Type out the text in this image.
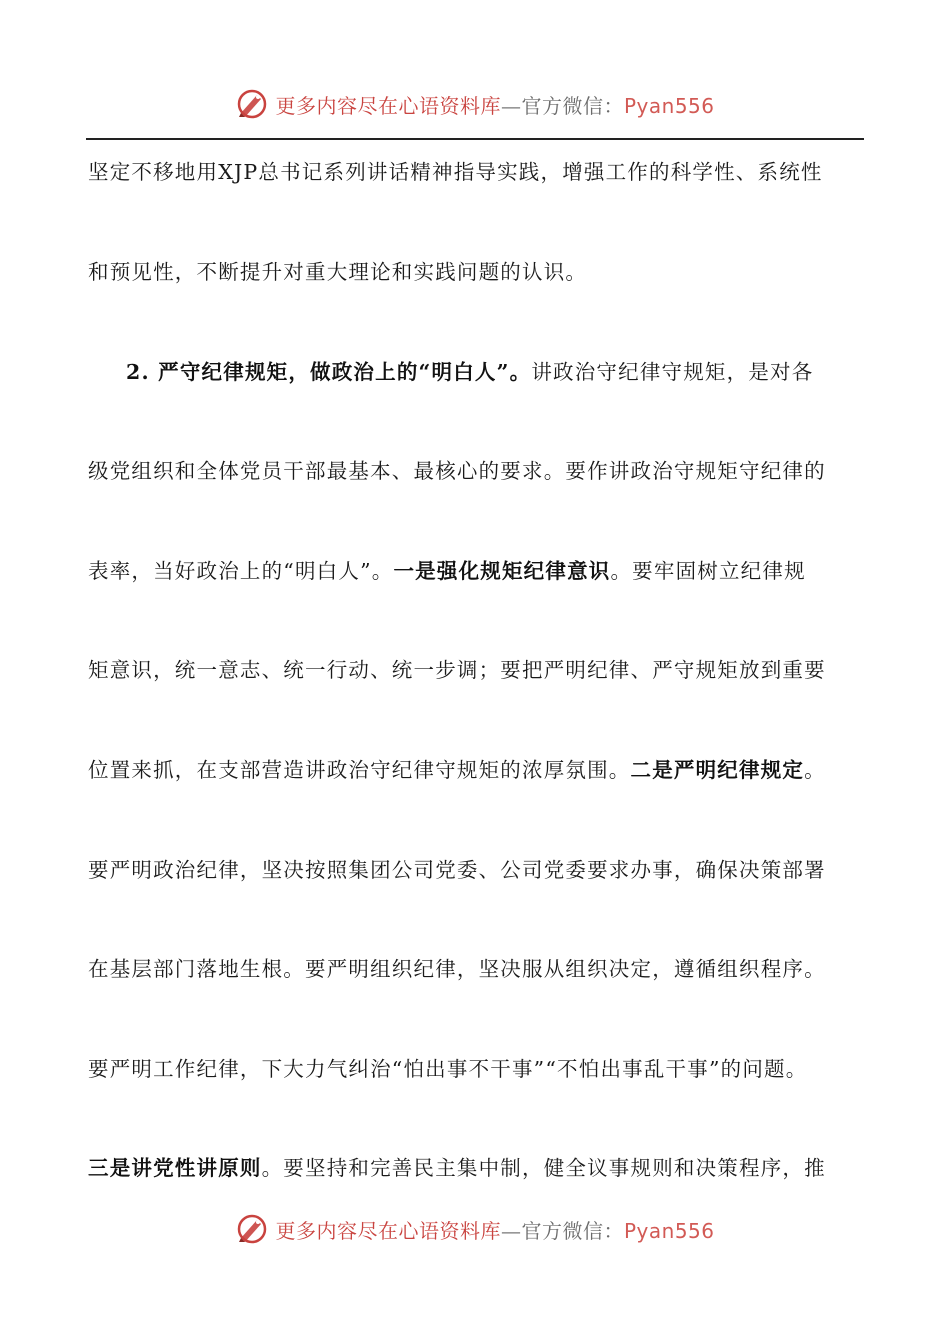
更多内容尽在心语资料库—官方微信：Pyan556
坚定不移地用XJP总书记系列讲话精神指导实践，增强工作的科学性、系统性
和预见性，不断提升对重大理论和实践问题的认识。
2. 严守纪律规矩，做政治上的“明白人”。讲政治守纪律守规矩，是对各
级党组织和全体党员干部最基本、最核心的要求。要作讲政治守规矩守纪律的
表率，当好政治上的“明白人”。一是强化规矩纪律意识。要牢固树立纪律规
矩意识，统一意志、统一行动、统一步调；要把严明纪律、严守规矩放到重要
位置来抓，在支部营造讲政治守纪律守规矩的浓厚氛围。二是严明纪律规定。
要严明政治纪律，坚决按照集团公司党委、公司党委要求办事，确保决策部署
在基层部门落地生根。要严明组织纪律，坚决服从组织决定，遵循组织程序。
要严明工作纪律，下大力气纠治“怕出事不干事”“不怕出事乱干事”的问题。
三是讲党性讲原则。要坚持和完善民主集中制，健全议事规则和决策程序，推
更多内容尽在心语资料库—官方微信：Pyan556
